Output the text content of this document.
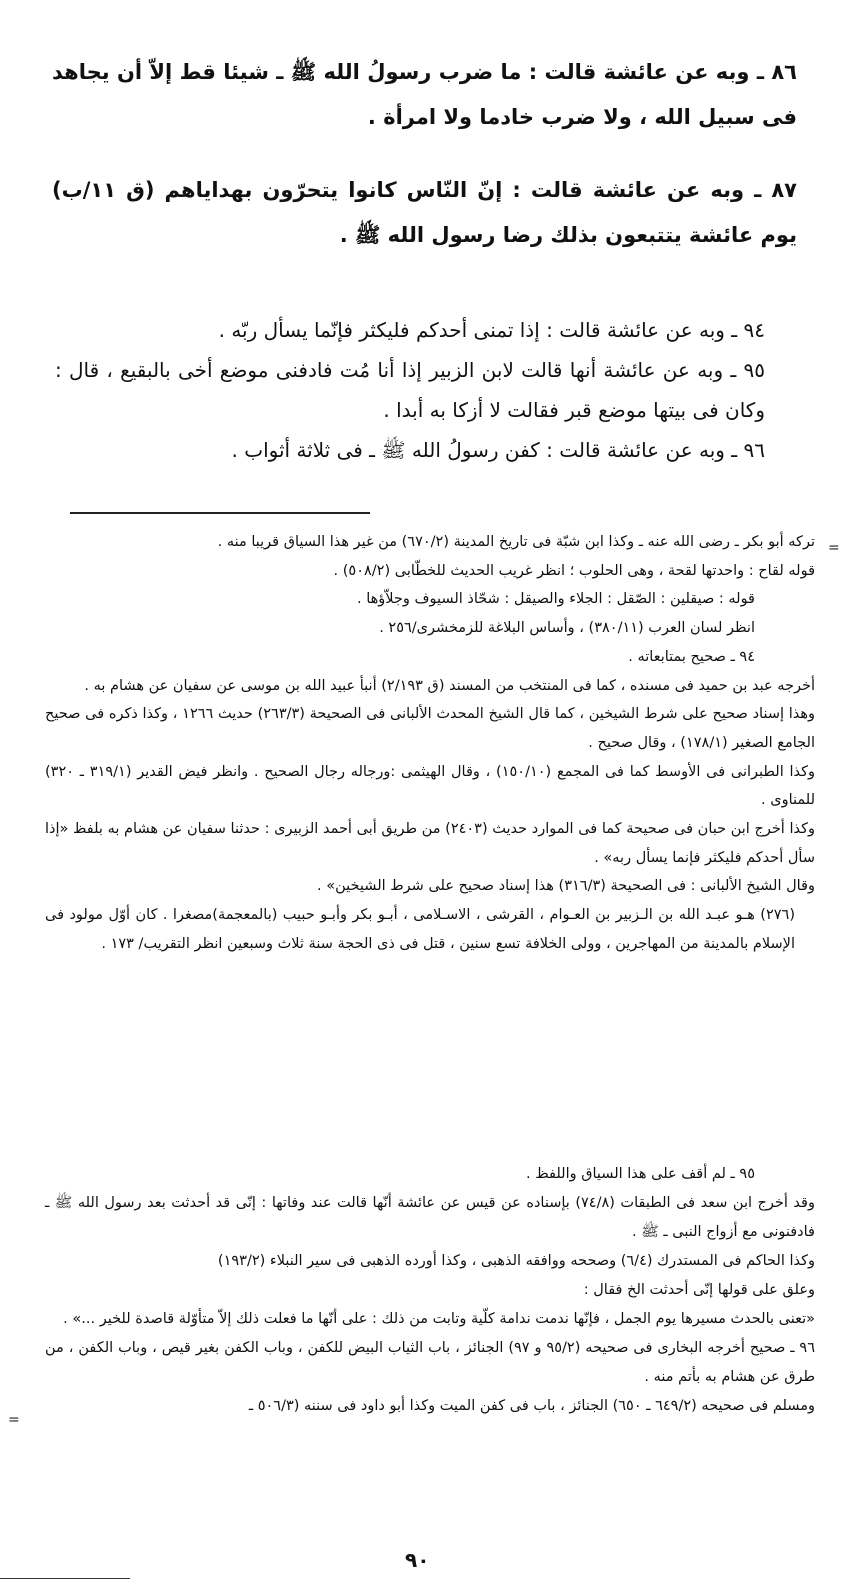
٨٦ ـ وبه عن عائشة قالت : ما ضرب رسولُ الله ﷺ ـ شيئا قط إلاّ أن يجاهد فى سبيل الله ، ولا ضرب خادما ولا امرأة .

٨٧ ـ وبه عن عائشة قالت : إنّ النّاس كانوا يتحرّون بهداياهم (ق ١١/ب) يوم عائشة يتتبعون بذلك رضا رسول الله ﷺ .

٩٤ ـ وبه عن عائشة قالت : إذا تمنى أحدكم فليكثر فإنّما يسأل ربّه .

٩٥ ـ وبه عن عائشة أنها قالت لابن الزبير إذا أنا مُت فادفنى موضع أخى بالبقيع ، قال : وكان فى بيتها موضع قبر فقالت لا أزكا به أبدا .

٩٦ ـ وبه عن عائشة قالت : كفن رسولُ الله ﷺ ـ فى ثلاثة أثواب .

=

تركه أبو بكر ـ رضى الله عنه ـ وكذا ابن شبّة فى تاريخ المدينة (٦٧٠/٢) من غير هذا السياق قريبا منه .

قوله لقاح : واحدتها لقحة ، وهى الحلوب ؛ انظر غريب الحديث للخطّابى (٥٠٨/٢) .

قوله : صيقلين : الصّقل : الجلاء والصيقل : شحّاذ السيوف وجلاّؤها .

انظر لسان العرب (٣٨٠/١١) ، وأساس البلاغة للزمخشرى/٢٥٦ .

٩٤ ـ صحيح بمتابعاته .

أخرجه عبد بن حميد فى مسنده ، كما فى المنتخب من المسند (ق ٢/١٩٣) أنبأ عبيد الله بن موسى عن سفيان عن هشام به .

وهذا إسناد صحيح على شرط الشيخين ، كما قال الشيخ المحدث الألبانى فى الصحيحة (٢٦٣/٣) حديث ١٢٦٦ ، وكذا ذكره فى صحيح الجامع الصغير (١٧٨/١) ، وقال صحيح .

وكذا الطبرانى فى الأوسط كما فى المجمع (١٥٠/١٠) ، وقال الهيثمى :ورجاله رجال الصحيح . وانظر فيض القدير (٣١٩/١ ـ ٣٢٠) للمناوى .

وكذا أخرج ابن حبان فى صحيحة كما فى الموارد حديث (٢٤٠٣) من طريق أبى أحمد الزبيرى : حدثنا سفيان عن هشام به بلفظ «إذا سأل أحدكم فليكثر فإنما يسأل ربه» .

وقال الشيخ الألبانى : فى الصحيحة (٣١٦/٣) هذا إسناد صحيح على شرط الشيخين» .

(٢٧٦) هـو عبـد الله بن الـزبير بن العـوام ، القرشى ، الاسـلامى ، أبـو بكر وأبـو حبيب (بالمعجمة)مصغرا . كان أوّل مولود فى الإسلام بالمدينة من المهاجرين ، وولى الخلافة تسع سنين ، قتل فى ذى الحجة سنة ثلاث وسبعين انظر التقريب/ ١٧٣ .

٩٥ ـ لم أقف على هذا السياق واللفظ .

وقد أخرج ابن سعد فى الطبقات (٧٤/٨) بإسناده عن قيس عن عائشة أنّها قالت عند وفاتها : إنّى قد أحدثت بعد رسول الله ﷺ ـ فادفنونى مع أزواج النبى ـ ﷺ .

وكذا الحاكم فى المستدرك (٦/٤) وصححه ووافقه الذهبى ، وكذا أورده الذهبى فى سير النبلاء (١٩٣/٢)

وعلق على قولها إنّى أحدثت الخ فقال :

«تعنى بالحدث مسيرها يوم الجمل ، فإنّها ندمت ندامة كلّية وتابت من ذلك : على أنّها ما فعلت ذلك إلاّ متأوّلة قاصدة للخير ...» .

٩٦ ـ صحيح أخرجه البخارى فى صحيحه (٩٥/٢ و ٩٧) الجنائز ، باب الثياب البيض للكفن ، وباب الكفن بغير قيص ، وباب الكفن ، من طرق عن هشام به بأتم منه .

ومسلم فى صحيحه (٦٤٩/٢ ـ ٦٥٠) الجنائز ، باب فى كفن الميت وكذا أبو داود فى سننه (٥٠٦/٣ ـ

=
٩٠
